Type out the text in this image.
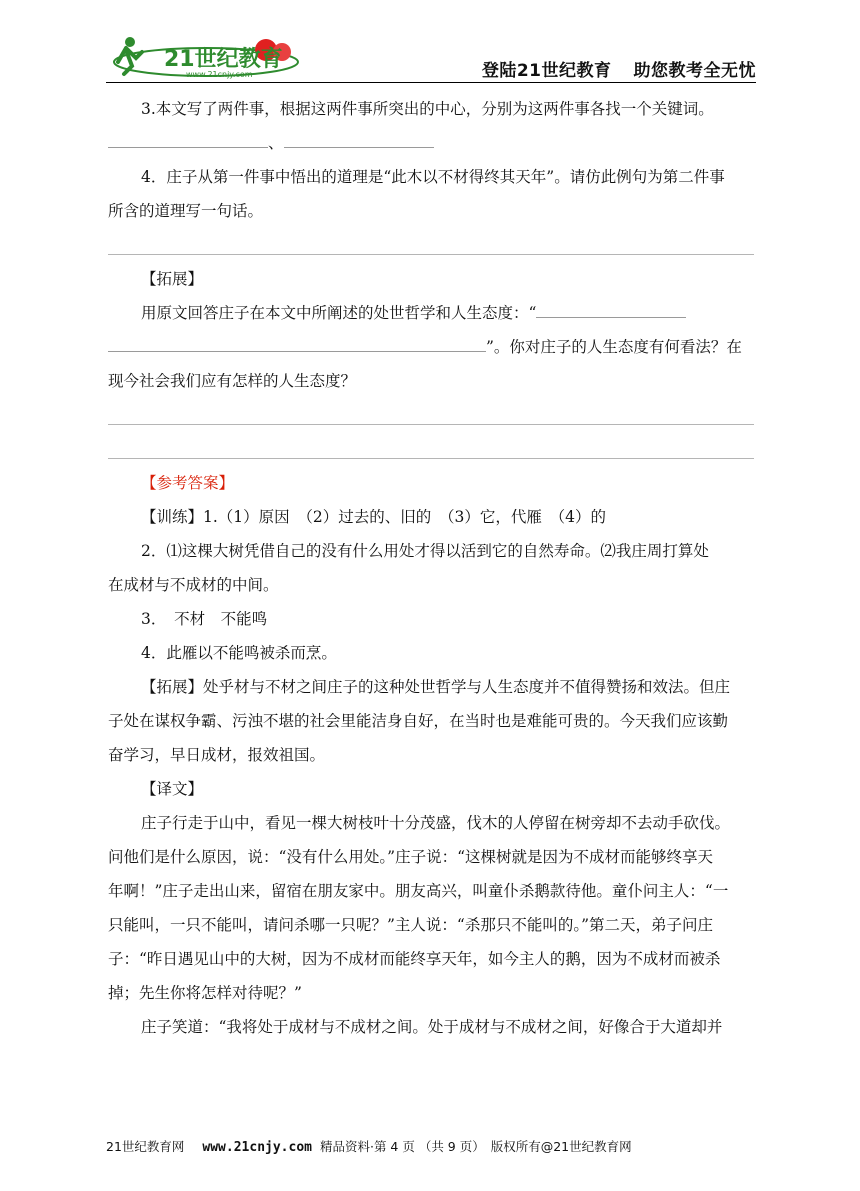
21世纪教育
www.21cnjy.com	登陆21世纪教育 助您教考全无忧

3.本文写了两件事，根据这两件事所突出的中心，分别为这两件事各找一个关键词。

、

4．庄子从第一件事中悟出的道理是“此木以不材得终其天年”。请仿此例句为第二件事

所含的道理写一句话。

【拓展】

用原文回答庄子在本文中所阐述的处世哲学和人生态度：“

”。你对庄子的人生态度有何看法？在

现今社会我们应有怎样的人生态度？

【参考答案】

【训练】1.（1）原因　（2）过去的、旧的　（3）它，代雁　（4）的

2．⑴这棵大树凭借自己的没有什么用处才得以活到它的自然寿命。⑵我庄周打算处

在成材与不成材的中间。

3．　不材　不能鸣

4．此雁以不能鸣被杀而烹。

【拓展】处乎材与不材之间庄子的这种处世哲学与人生态度并不值得赞扬和效法。但庄

子处在谋权争霸、污浊不堪的社会里能洁身自好，在当时也是难能可贵的。今天我们应该勤

奋学习，早日成材，报效祖国。

【译文】

庄子行走于山中，看见一棵大树枝叶十分茂盛，伐木的人停留在树旁却不去动手砍伐。

问他们是什么原因，说：“没有什么用处。”庄子说：“这棵树就是因为不成材而能够终享天

年啊！”庄子走出山来，留宿在朋友家中。朋友高兴，叫童仆杀鹅款待他。童仆问主人：“一

只能叫，一只不能叫，请问杀哪一只呢？”主人说：“杀那只不能叫的。”第二天，弟子问庄

子：“昨日遇见山中的大树，因为不成材而能终享天年，如今主人的鹅，因为不成材而被杀

掉；先生你将怎样对待呢？”

庄子笑道：“我将处于成材与不成材之间。处于成材与不成材之间，好像合于大道却并

21世纪教育网 www.21cnjy.com 精品资料·第 4 页 （共 9 页） 版权所有@21世纪教育网
